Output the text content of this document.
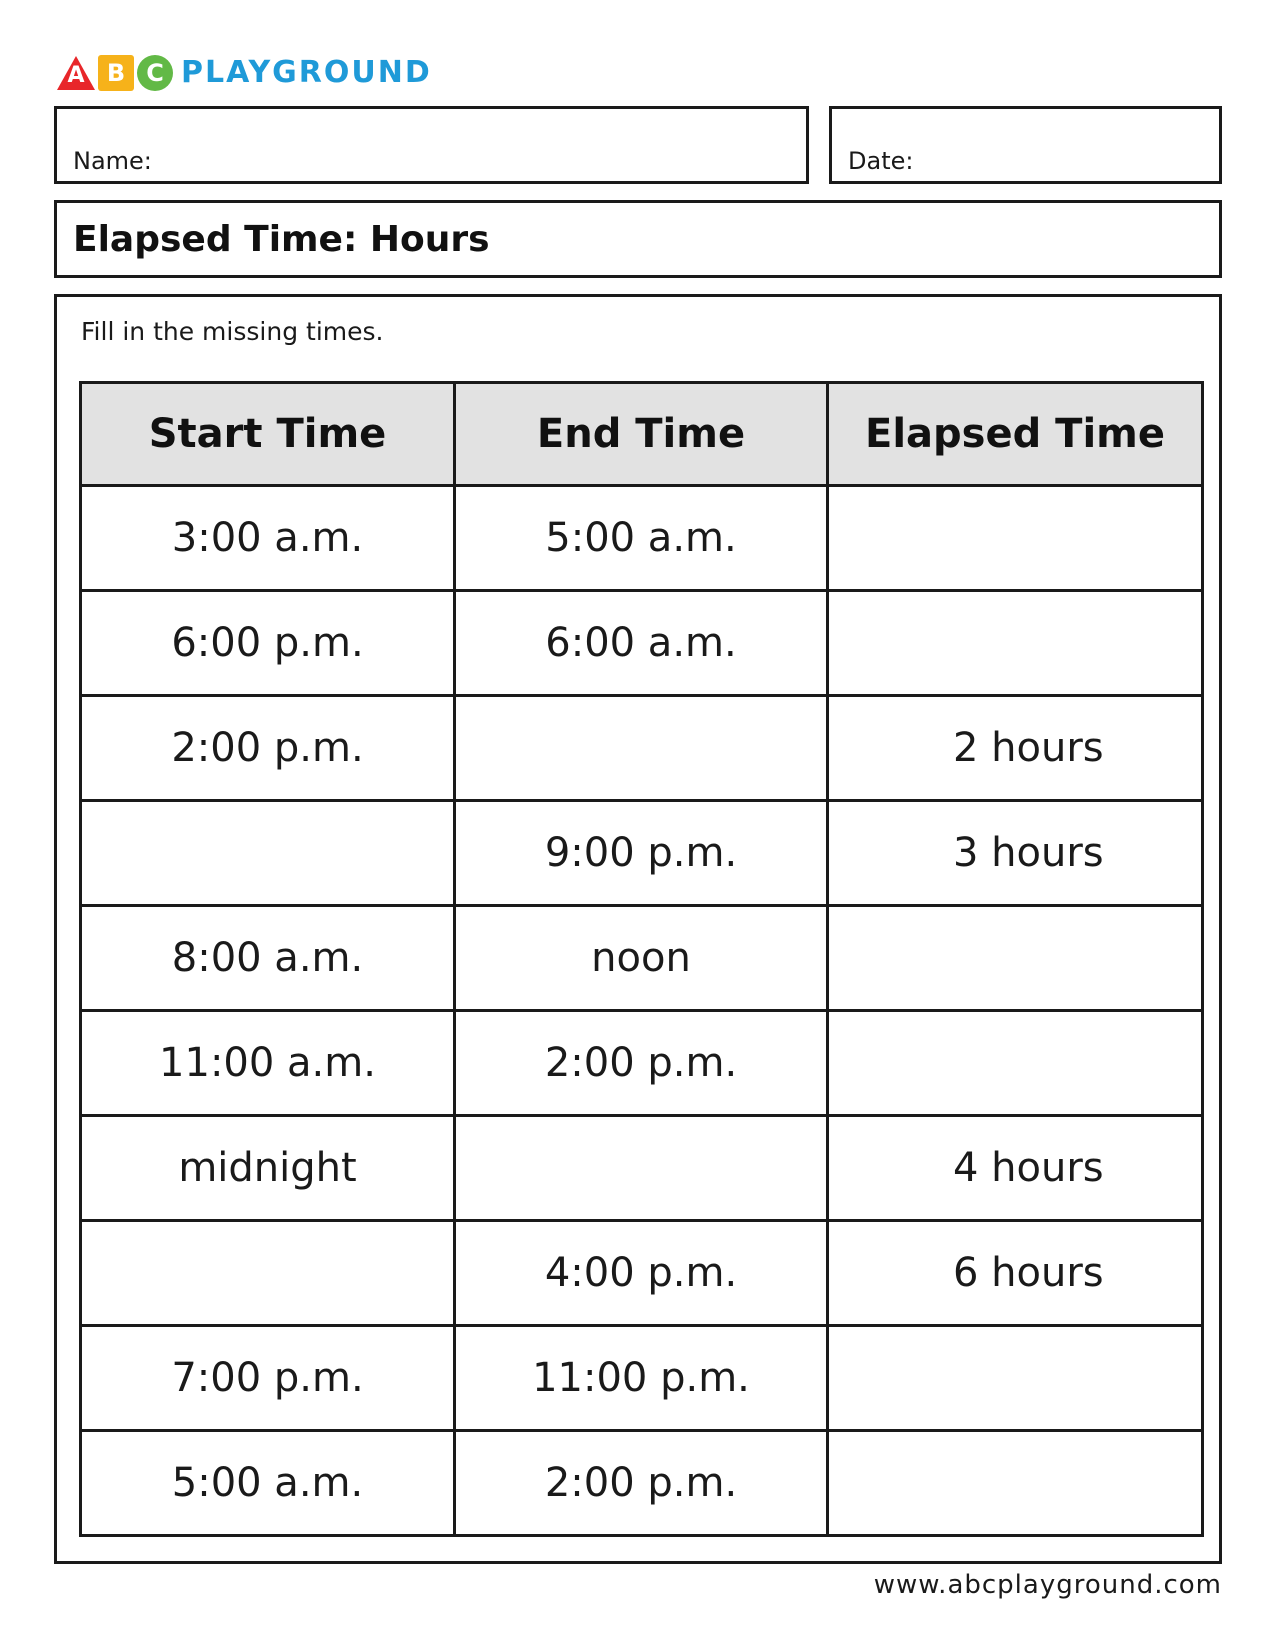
A B C PLAYGROUND
Name:	Date:
Elapsed Time: Hours
Fill in the missing times.
Start Time	End Time	Elapsed Time
3:00 a.m.	5:00 a.m.	
6:00 p.m.	6:00 a.m.	
2:00 p.m.		2 hours
	9:00 p.m.	3 hours
8:00 a.m.	noon	
11:00 a.m.	2:00 p.m.	
midnight		4 hours
	4:00 p.m.	6 hours
7:00 p.m.	11:00 p.m.	
5:00 a.m.	2:00 p.m.	
www.abcplayground.com
